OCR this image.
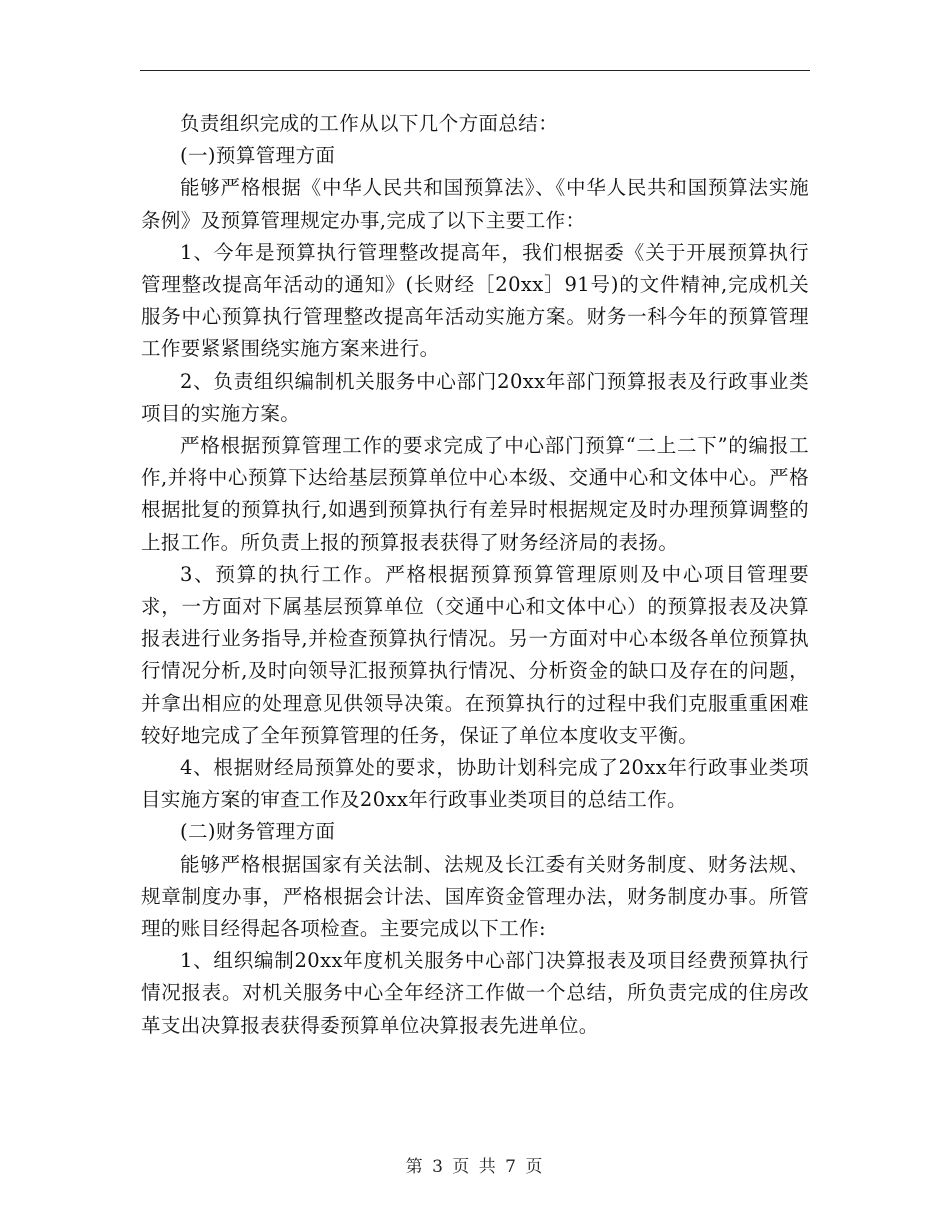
负责组织完成的工作从以下几个方面总结：

(一)预算管理方面

能够严格根据《中华人民共和国预算法》、《中华人民共和国预算法实施条例》及预算管理规定办事,完成了以下主要工作：

1、今年是预算执行管理整改提高年，我们根据委《关于开展预算执行管理整改提高年活动的通知》(长财经［20xx］91号)的文件精神,完成机关服务中心预算执行管理整改提高年活动实施方案。财务一科今年的预算管理工作要紧紧围绕实施方案来进行。

2、负责组织编制机关服务中心部门20xx年部门预算报表及行政事业类项目的实施方案。

严格根据预算管理工作的要求完成了中心部门预算“二上二下”的编报工作,并将中心预算下达给基层预算单位中心本级、交通中心和文体中心。严格根据批复的预算执行,如遇到预算执行有差异时根据规定及时办理预算调整的上报工作。所负责上报的预算报表获得了财务经济局的表扬。

3、预算的执行工作。严格根据预算预算管理原则及中心项目管理要求，一方面对下属基层预算单位（交通中心和文体中心）的预算报表及决算报表进行业务指导,并检查预算执行情况。另一方面对中心本级各单位预算执行情况分析,及时向领导汇报预算执行情况、分析资金的缺口及存在的问题，并拿出相应的处理意见供领导决策。在预算执行的过程中我们克服重重困难较好地完成了全年预算管理的任务，保证了单位本度收支平衡。

4、根据财经局预算处的要求，协助计划科完成了20xx年行政事业类项目实施方案的审查工作及20xx年行政事业类项目的总结工作。

(二)财务管理方面

能够严格根据国家有关法制、法规及长江委有关财务制度、财务法规、规章制度办事，严格根据会计法、国库资金管理办法，财务制度办事。所管理的账目经得起各项检查。主要完成以下工作:

1、组织编制20xx年度机关服务中心部门决算报表及项目经费预算执行情况报表。对机关服务中心全年经济工作做一个总结，所负责完成的住房改革支出决算报表获得委预算单位决算报表先进单位。

第 3 页 共 7 页
